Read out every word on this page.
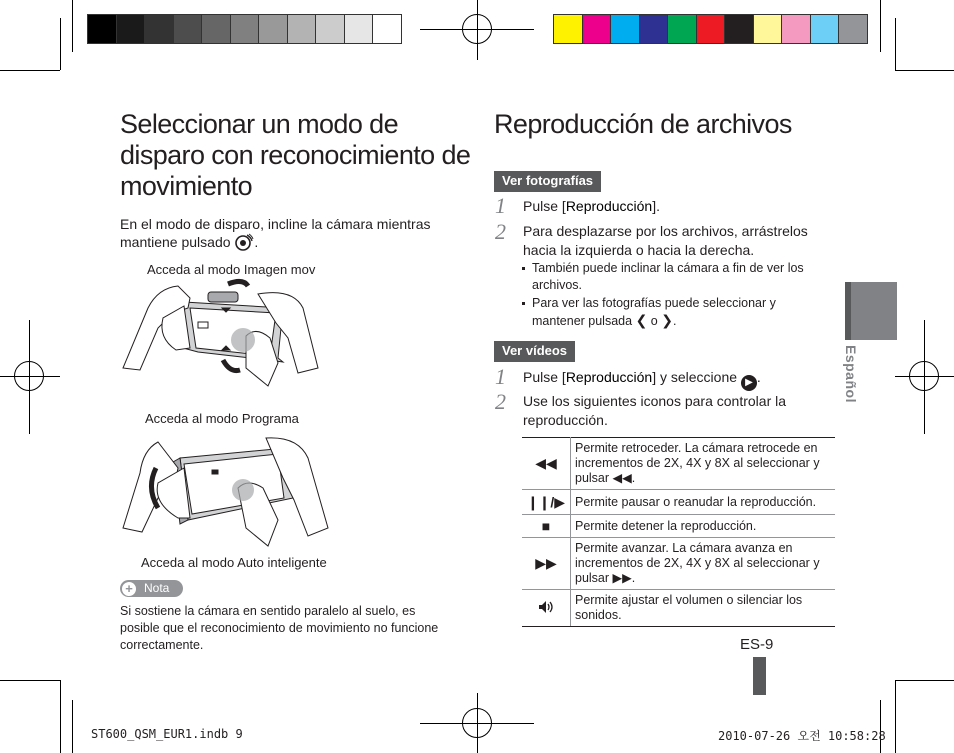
Seleccionar un modo de
disparo con reconocimiento de
movimiento
En el modo de disparo, incline la cámara mientras
mantiene pulsado .
Acceda al modo Imagen mov
Acceda al modo Programa
Acceda al modo Auto inteligente
+ Nota
Si sostiene la cámara en sentido paralelo al suelo, es
posible que el reconocimiento de movimiento no funcione
correctamente.
Reproducción de archivos
Ver fotografías
1 Pulse [Reproducción].
2 Para desplazarse por los archivos, arrástrelos
hacia la izquierda o hacia la derecha.
También puede inclinar la cámara a fin de ver los
archivos.
Para ver las fotografías puede seleccionar y
mantener pulsada ❮ o ❯.
Ver vídeos
1 Pulse [Reproducción] y seleccione ▶ .
2 Use los siguientes iconos para controlar la
reproducción.
◀◀	Permite retroceder. La cámara retrocede en incrementos de 2X, 4X y 8X al seleccionar y pulsar ◀◀.
❙❙/▶	Permite pausar o reanudar la reproducción.
■	Permite detener la reproducción.
▶▶	Permite avanzar. La cámara avanza en incrementos de 2X, 4X y 8X al seleccionar y pulsar ▶▶.
	Permite ajustar el volumen o silenciar los sonidos.
Español
ES-9
ST600_QSM_EUR1.indb 9	2010-07-26 오전 10:58:28
